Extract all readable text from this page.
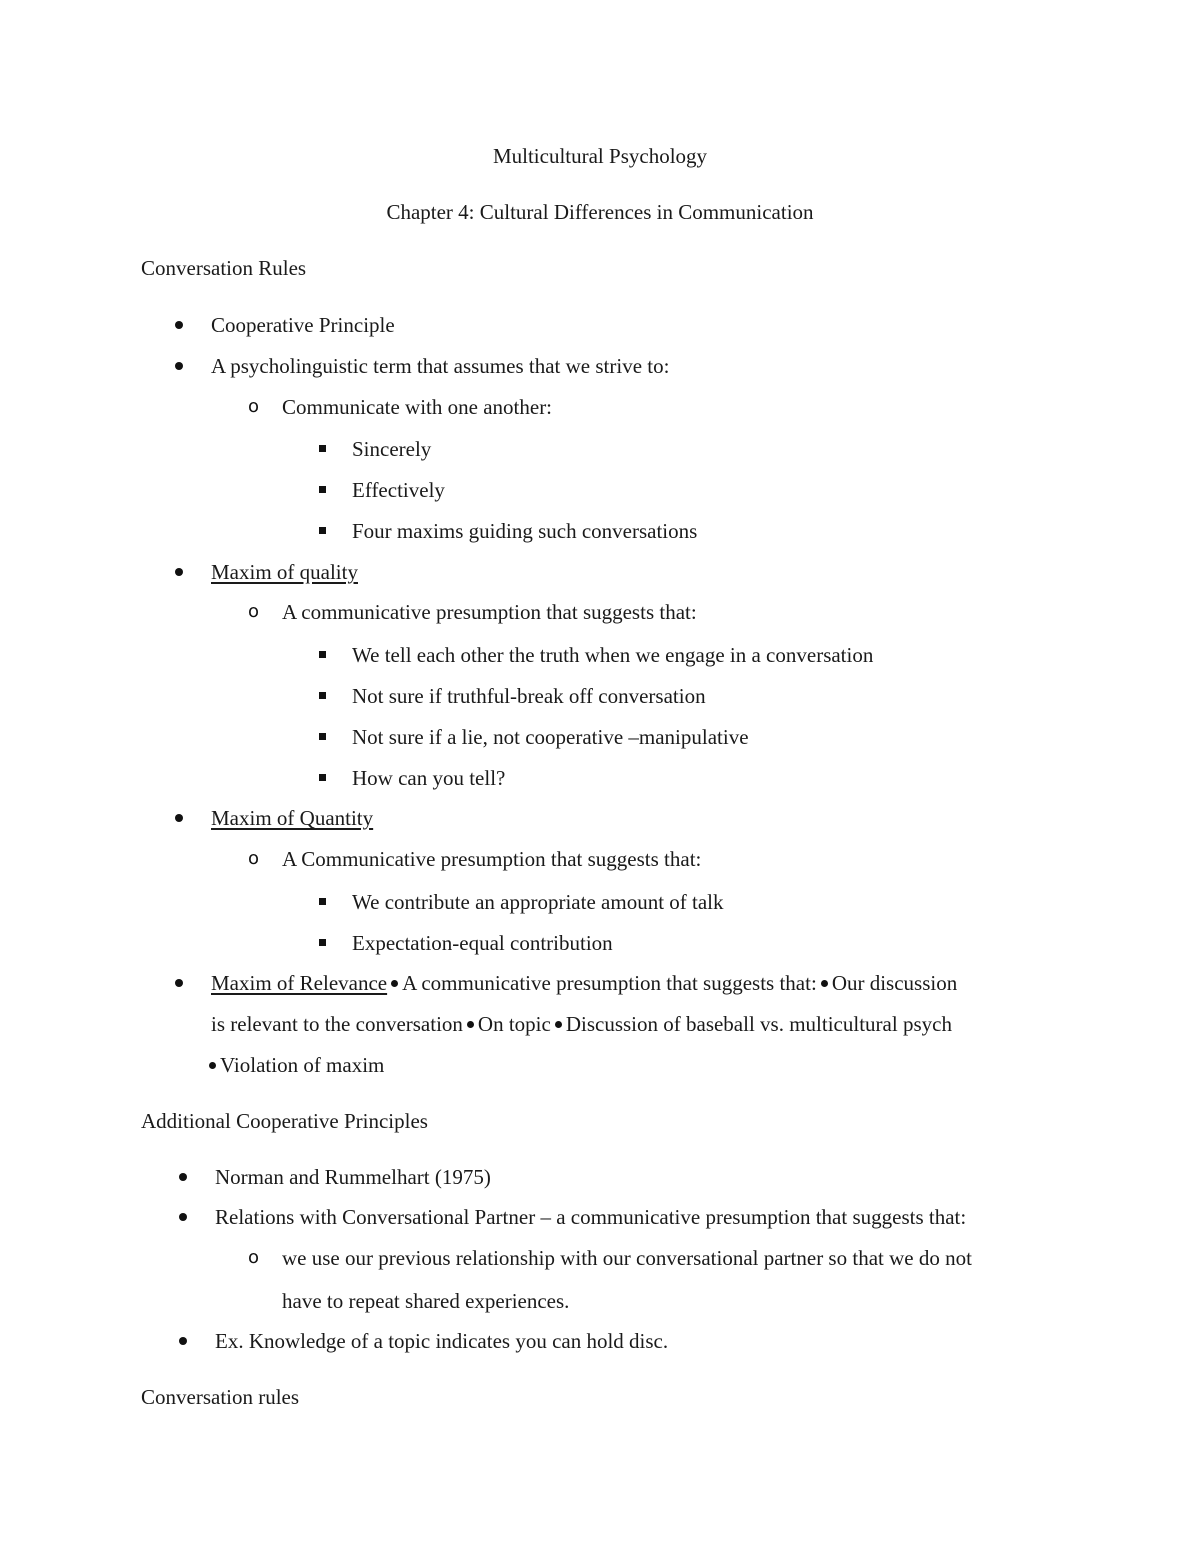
Multicultural Psychology
Chapter 4: Cultural Differences in Communication
Conversation Rules
Cooperative Principle
A psycholinguistic term that assumes that we strive to:
o Communicate with one another:
Sincerely
Effectively
Four maxims guiding such conversations
Maxim of quality
o A communicative presumption that suggests that:
We tell each other the truth when we engage in a conversation
Not sure if truthful-break off conversation
Not sure if a lie, not cooperative –manipulative
How can you tell?
Maxim of Quantity
o A Communicative presumption that suggests that:
We contribute an appropriate amount of talk
Expectation-equal contribution
Maxim of Relevance A communicative presumption that suggests that: Our discussion
is relevant to the conversation On topic Discussion of baseball vs. multicultural psych
Violation of maxim
Additional Cooperative Principles
Norman and Rummelhart (1975)
Relations with Conversational Partner – a communicative presumption that suggests that:
o we use our previous relationship with our conversational partner so that we do not
have to repeat shared experiences.
Ex. Knowledge of a topic indicates you can hold disc.
Conversation rules
